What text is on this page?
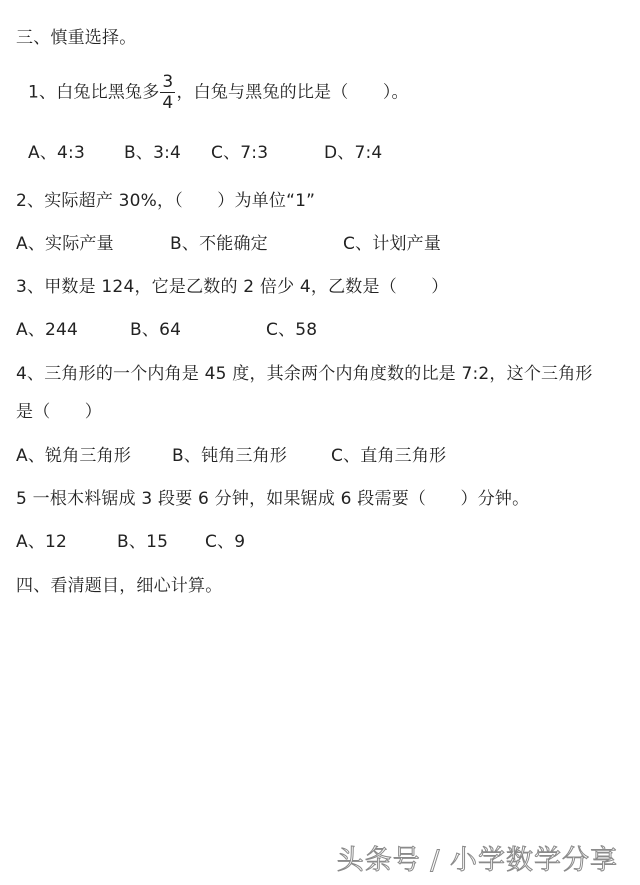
三、慎重选择。
1、白兔比黑兔多 $\frac{3}{4}$ ，白兔与黑兔的比是（　　）。
A、4:3 B、3:4 C、7:3	D、7:4
2、实际超产 30%，（　　）为单位“1”
A、实际产量	B、不能确定	C、计划产量
3、甲数是 124，它是乙数的 2 倍少 4，乙数是（　　）
A、244	B、64	C、58
4、三角形的一个内角是 45 度，其余两个内角度数的比是 7:2，这个三角形
是（　　）
A、锐角三角形 B、钝角三角形	C、直角三角形
5 一根木料锯成 3 段要 6 分钟，如果锯成 6 段需要（　　）分钟。
A、12	B、15 C、9
四、看清题目，细心计算。
头条号 / 小学数学分享
